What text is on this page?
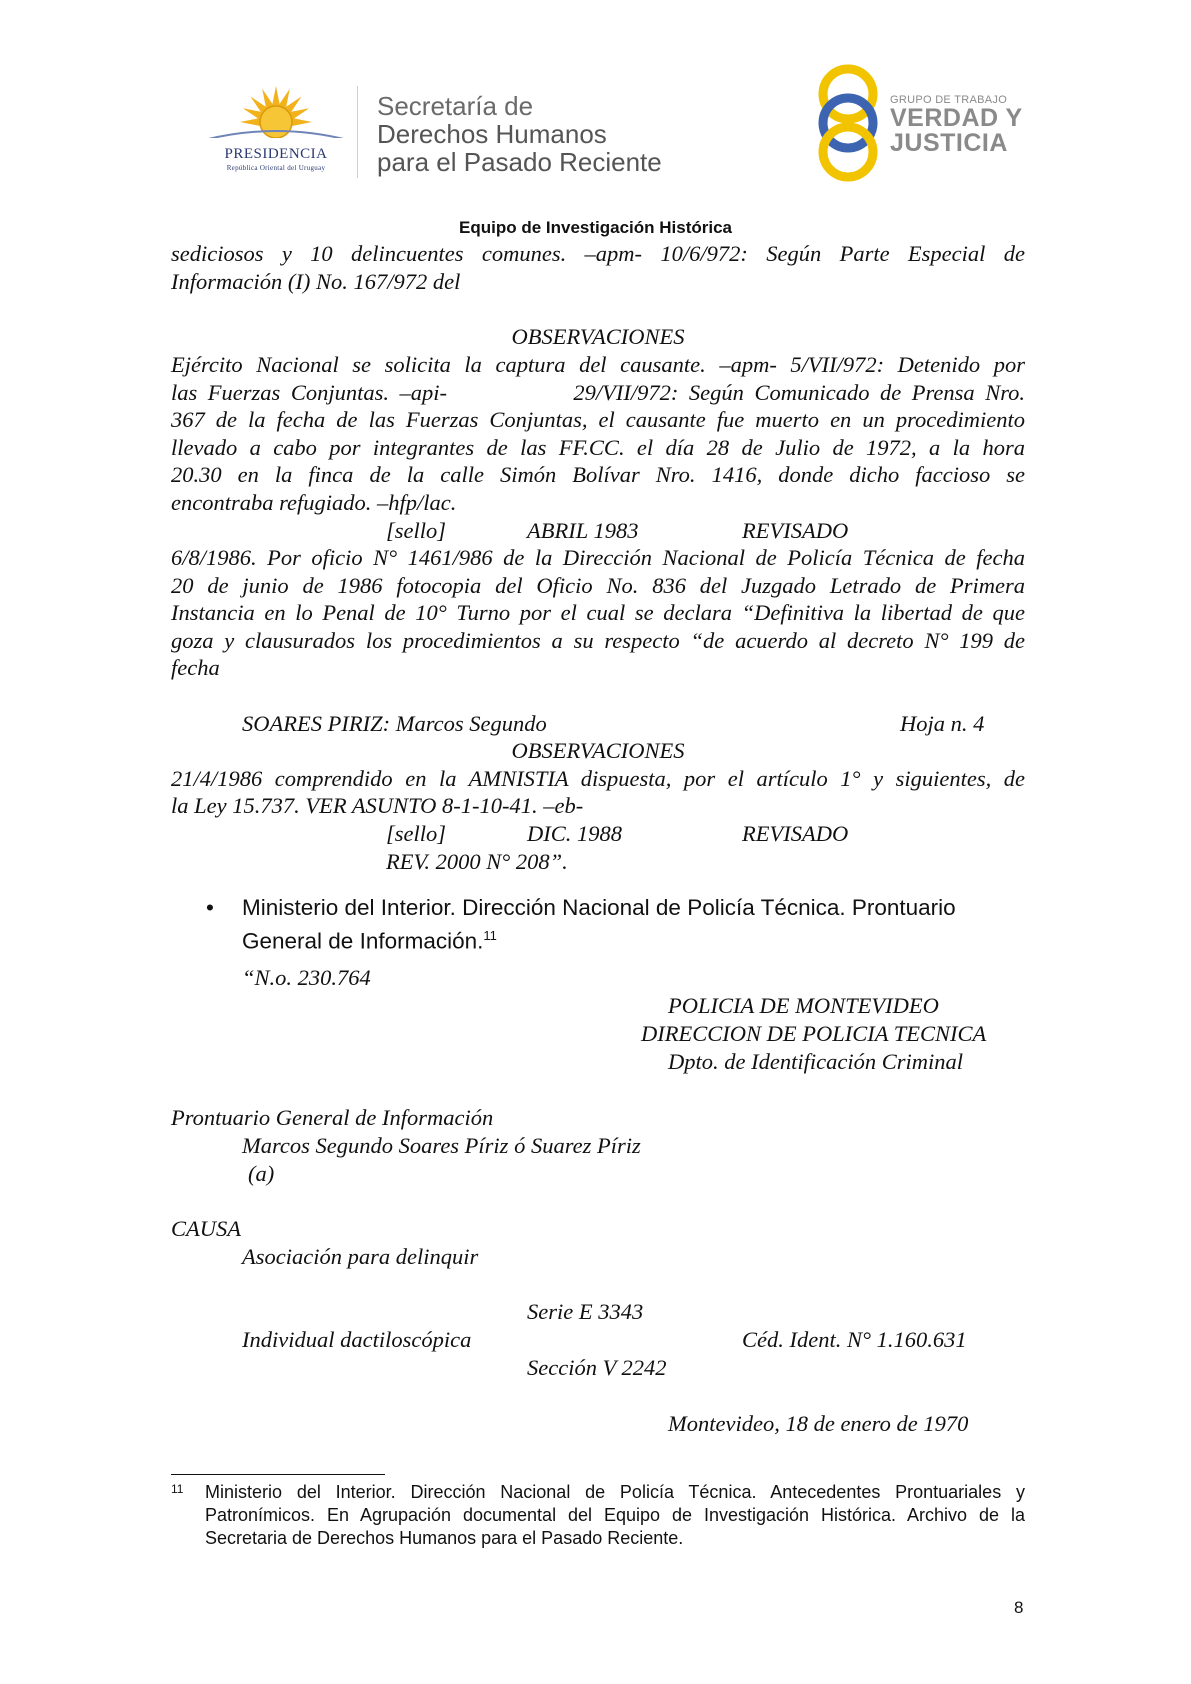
PRESIDENCIA
República Oriental del Uruguay
Secretaría de
Derechos Humanos
para el Pasado Reciente
GRUPO DE TRABAJO
VERDAD Y
JUSTICIA
Equipo de Investigación Histórica
sediciosos y 10 delincuentes comunes. –apm- 10/6/972: Según Parte Especial de
Información (I) No. 167/972 del
OBSERVACIONES
Ejército Nacional se solicita la captura del causante. –apm- 5/VII/972: Detenido por
las Fuerzas Conjuntas. –api-            29/VII/972: Según Comunicado de Prensa Nro.
367 de la fecha de las Fuerzas Conjuntas, el causante fue muerto en un procedimiento
llevado a cabo por integrantes de las FF.CC. el día 28 de Julio de 1972, a la hora
20.30 en la finca de la calle Simón Bolívar Nro. 1416, donde dicho faccioso se
encontraba refugiado. –hfp/lac.
[sello]	ABRIL 1983	REVISADO
6/8/1986. Por oficio N° 1461/986 de la Dirección Nacional de Policía Técnica de fecha
20 de junio de 1986 fotocopia del Oficio No. 836 del Juzgado Letrado de Primera
Instancia en lo Penal de 10° Turno por el cual se declara “Definitiva la libertad de que
goza y clausurados los procedimientos a su respecto “de acuerdo al decreto N° 199 de
fecha
SOARES PIRIZ: Marcos Segundo	Hoja n. 4
OBSERVACIONES
21/4/1986 comprendido en la AMNISTIA dispuesta, por el artículo 1° y siguientes, de
la Ley 15.737. VER ASUNTO 8-1-10-41. –eb-
[sello]	DIC. 1988	REVISADO
REV. 2000 N° 208”.
• Ministerio del Interior. Dirección Nacional de Policía Técnica. Prontuario General de Información.$^{11}$
“N.o. 230.764
POLICIA DE MONTEVIDEO
DIRECCION DE POLICIA TECNICA
Dpto. de Identificación Criminal
Prontuario General de Información
Marcos Segundo Soares Píriz ó Suarez Píriz
(a)
CAUSA
Asociación para delinquir
Serie E 3343
Individual dactiloscópica	Céd. Ident. N° 1.160.631
Sección V 2242
Montevideo, 18 de enero de 1970
11 Ministerio del Interior. Dirección Nacional de Policía Técnica. Antecedentes Prontuariales y Patronímicos. En Agrupación documental del Equipo de Investigación Histórica. Archivo de la Secretaria de Derechos Humanos para el Pasado Reciente.
8
